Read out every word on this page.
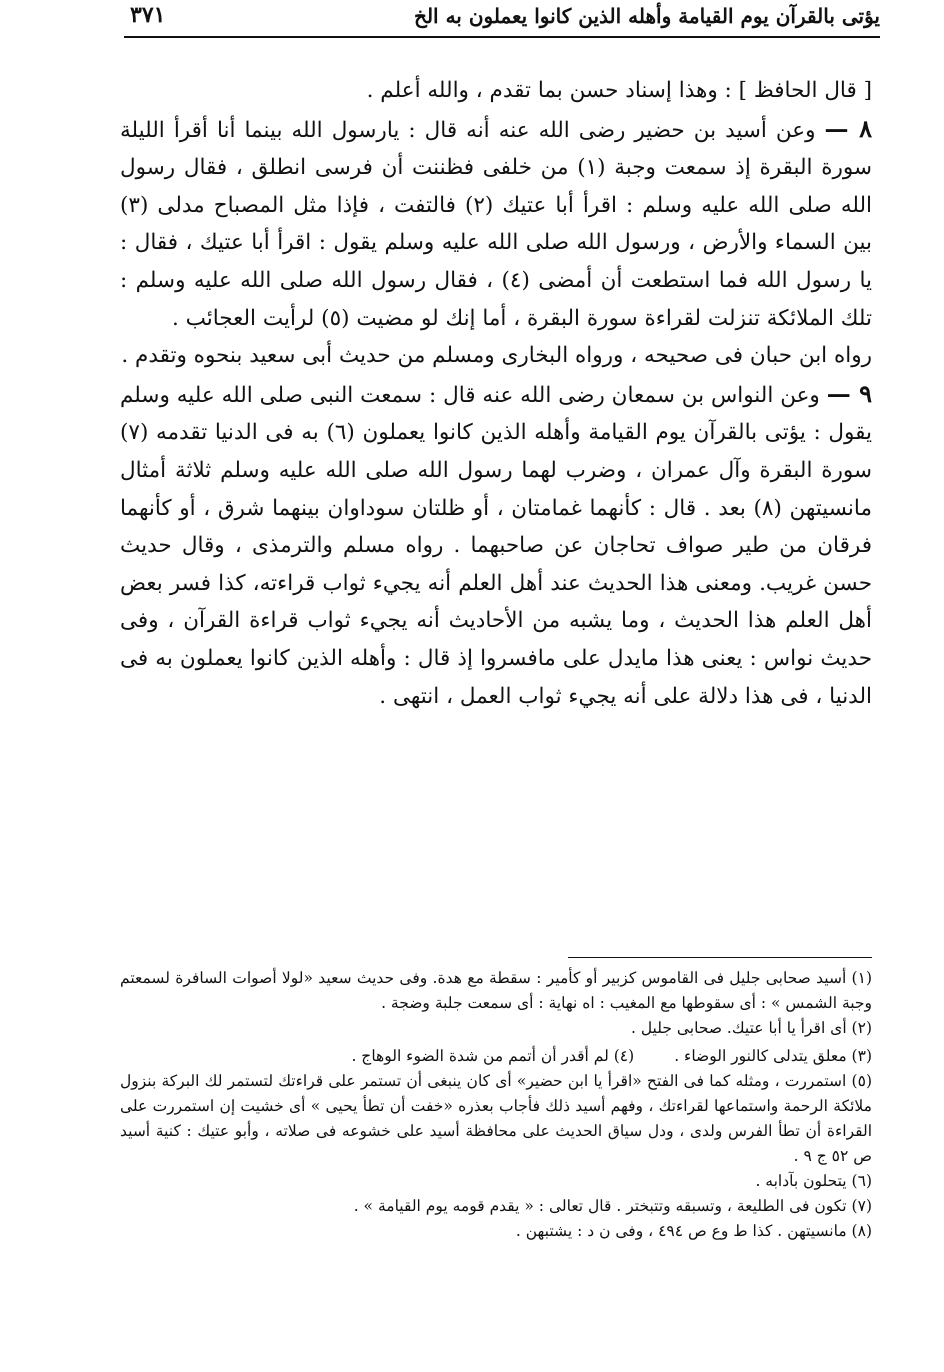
يؤتى بالقرآن يوم القيامة وأهله الذين كانوا يعملون به الخ
٣٧١

[ قال الحافظ ] : وهذا إسناد حسن بما تقدم ، والله أعلم .

٨ — وعن أسيد بن حضير رضى الله عنه أنه قال : يارسول الله بينما أنا أقرأ الليلة سورة البقرة إذ سمعت وجبة (١) من خلفى فظننت أن فرسى انطلق ، فقال رسول الله صلى الله عليه وسلم : اقرأ أبا عتيك (٢) فالتفت ، فإذا مثل المصباح مدلى (٣) بين السماء والأرض ، ورسول الله صلى الله عليه وسلم يقول : اقرأ أبا عتيك ، فقال : يا رسول الله فما استطعت أن أمضى (٤) ، فقال رسول الله صلى الله عليه وسلم : تلك الملائكة تنزلت لقراءة سورة البقرة ، أما إنك لو مضيت (٥) لرأيت العجائب .

رواه ابن حبان فى صحيحه ، ورواه البخارى ومسلم من حديث أبى سعيد بنحوه وتقدم .

٩ — وعن النواس بن سمعان رضى الله عنه قال : سمعت النبى صلى الله عليه وسلم يقول : يؤتى بالقرآن يوم القيامة وأهله الذين كانوا يعملون (٦) به فى الدنيا تقدمه (٧) سورة البقرة وآل عمران ، وضرب لهما رسول الله صلى الله عليه وسلم ثلاثة أمثال مانسيتهن (٨) بعد . قال : كأنهما غمامتان ، أو ظلتان سوداوان بينهما شرق ، أو كأنهما فرقان من طير صواف تحاجان عن صاحبهما . رواه مسلم والترمذى ، وقال حديث حسن غريب. ومعنى هذا الحديث عند أهل العلم أنه يجيء ثواب قراءته، كذا فسر بعض أهل العلم هذا الحديث ، وما يشبه من الأحاديث أنه يجيء ثواب قراءة القرآن ، وفى حديث نواس : يعنى هذا مايدل على مافسروا إذ قال : وأهله الذين كانوا يعملون به فى الدنيا ، فى هذا دلالة على أنه يجيء ثواب العمل ، انتهى .

(١) أسيد صحابى جليل فى القاموس كزبير أو كأمير : سقطة مع هدة. وفى حديث سعيد «لولا أصوات السافرة لسمعتم وجبة الشمس » : أى سقوطها مع المغيب : اه نهاية : أى سمعت جلبة وضجة .

(٢) أى اقرأ يا أبا عتيك. صحابى جليل .

(٣) معلق يتدلى كالنور الوضاء .
(٤) لم أقدر أن أتمم من شدة الضوء الوهاج .

(٥) استمررت ، ومثله كما فى الفتح «اقرأ يا ابن حضير» أى كان ينبغى أن تستمر على قراءتك لتستمر لك البركة بنزول ملائكة الرحمة واستماعها لقراءتك ، وفهم أسيد ذلك فأجاب بعذره «خفت أن تطأ يحيى » أى خشيت إن استمررت على القراءة أن تطأ الفرس ولدى ، ودل سياق الحديث على محافظة أسيد على خشوعه فى صلاته ، وأبو عتيك : كنية أسيد ص ٥٢ ج ٩ .

(٦) يتحلون بآدابه .

(٧) تكون فى الطليعة ، وتسبقه وتتبختر . قال تعالى : « يقدم قومه يوم القيامة » .

(٨) مانسيتهن . كذا ط وع ص ٤٩٤ ، وفى ن د : يشتبهن .
